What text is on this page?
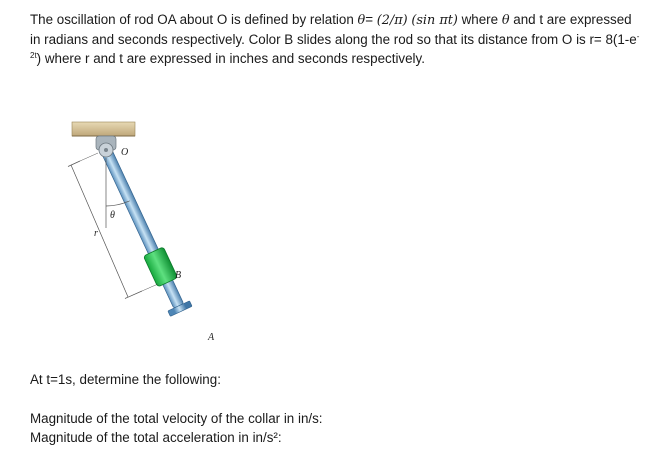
The oscillation of rod OA about O is defined by relation θ= (2/π) (sin πt) where θ and t are expressed in radians and seconds respectively. Color B slides along the rod so that its distance from O is $r= 8(1-e^{-2t})$ where r and t are expressed in inches and seconds respectively.
O
θ
r
B
A
At t=1s, determine the following:
Magnitude of the total velocity of the collar in in/s:
Magnitude of the total acceleration in in/s²:
